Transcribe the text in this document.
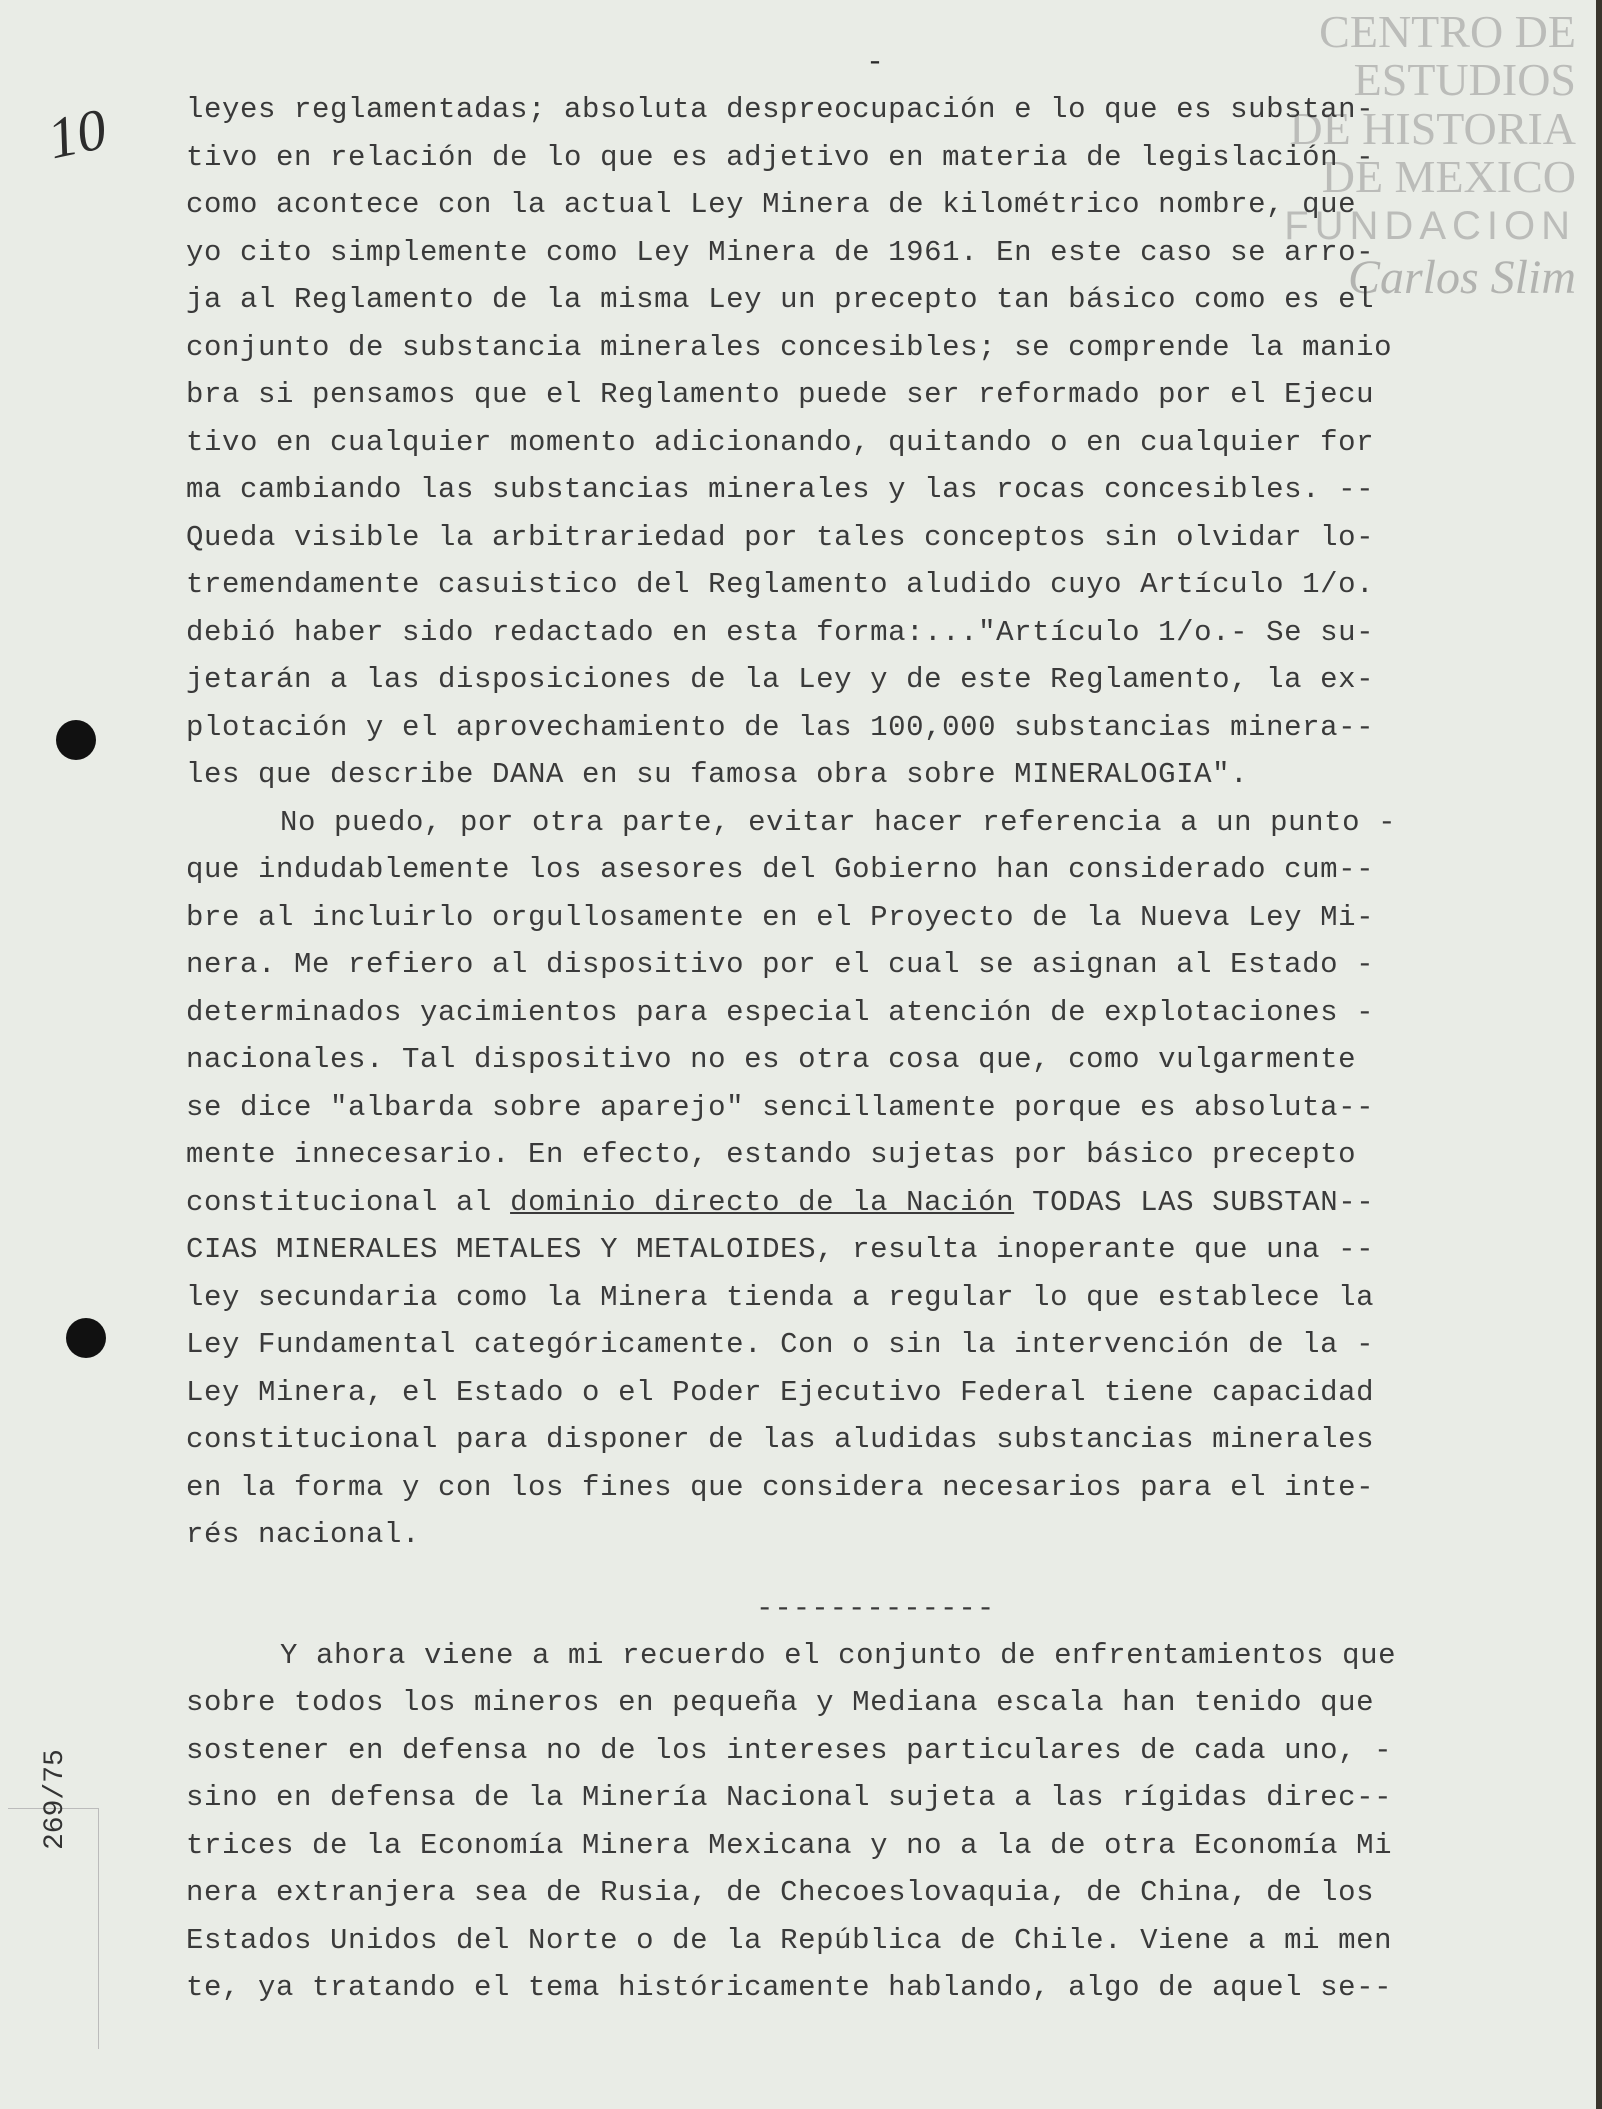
CENTRO DE
ESTUDIOS
DE HISTORIA
DE MEXICO
FUNDACION
Carlos Slim
-
10
269/75
leyes reglamentadas; absoluta despreocupación e lo que es substan-
tivo en relación de lo que es adjetivo en materia de legislación -
como acontece con la actual Ley Minera de kilométrico nombre, que
yo cito simplemente como Ley Minera de 1961. En este caso se arro-
ja al Reglamento de la misma Ley un precepto tan básico como es el
conjunto de substancia minerales concesibles; se comprende la manio
bra si pensamos que el Reglamento puede ser reformado por el Ejecu
tivo en cualquier momento adicionando, quitando o en cualquier for
ma cambiando las substancias minerales y las rocas concesibles. --
Queda visible la arbitrariedad por tales conceptos sin olvidar lo-
tremendamente casuistico del Reglamento aludido cuyo Artículo 1/o.
debió haber sido redactado en esta forma:..."Artículo 1/o.- Se su-
jetarán a las disposiciones de la Ley y de este Reglamento, la ex-
plotación y el aprovechamiento de las 100,000 substancias minera--
les que describe DANA en su famosa obra sobre MINERALOGIA".
No puedo, por otra parte, evitar hacer referencia a un punto -
que indudablemente los asesores del Gobierno han considerado cum--
bre al incluirlo orgullosamente en el Proyecto de la Nueva Ley Mi-
nera. Me refiero al dispositivo por el cual se asignan al Estado -
determinados yacimientos para especial atención de explotaciones -
nacionales. Tal dispositivo no es otra cosa que, como vulgarmente
se dice "albarda sobre aparejo" sencillamente porque es absoluta--
mente innecesario. En efecto, estando sujetas por básico precepto
constitucional al dominio directo de la Nación TODAS LAS SUBSTAN--
CIAS MINERALES METALES Y METALOIDES, resulta inoperante que una --
ley secundaria como la Minera tienda a regular lo que establece la
Ley Fundamental categóricamente. Con o sin la intervención de la -
Ley Minera, el Estado o el Poder Ejecutivo Federal tiene capacidad
constitucional para disponer de las aludidas substancias minerales
en la forma y con los fines que considera necesarios para el inte-
rés nacional.
-------------
Y ahora viene a mi recuerdo el conjunto de enfrentamientos que
sobre todos los mineros en pequeña y Mediana escala han tenido que
sostener en defensa no de los intereses particulares de cada uno, -
sino en defensa de la Minería Nacional sujeta a las rígidas direc--
trices de la Economía Minera Mexicana y no a la de otra Economía Mi
nera extranjera sea de Rusia, de Checoeslovaquia, de China, de los
Estados Unidos del Norte o de la República de Chile. Viene a mi men
te, ya tratando el tema históricamente hablando, algo de aquel se--
